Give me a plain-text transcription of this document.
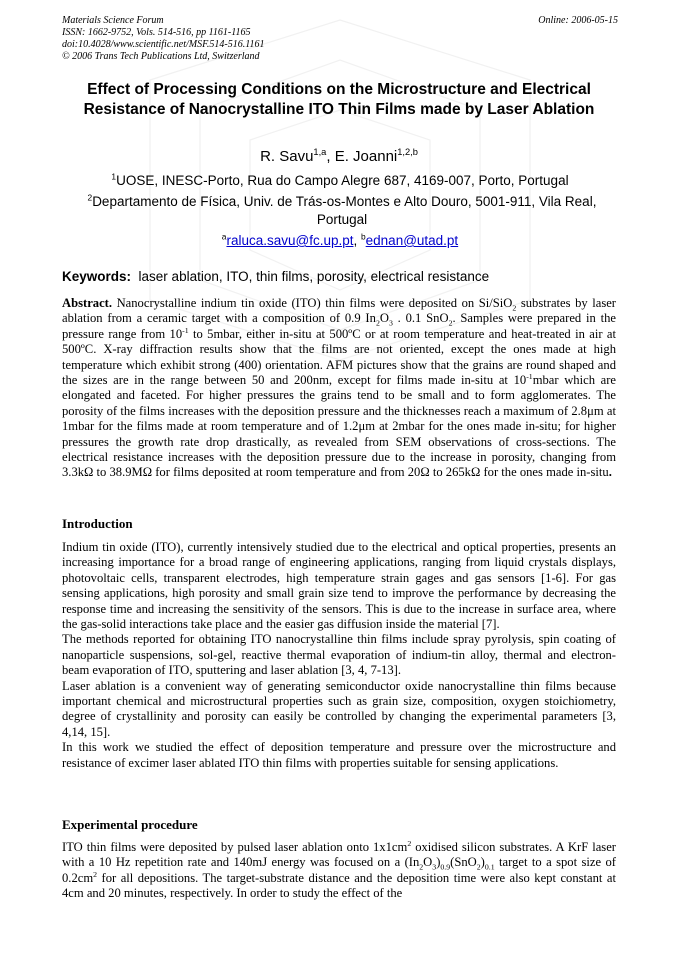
Materials Science Forum
ISSN: 1662-9752, Vols. 514-516, pp 1161-1165
doi:10.4028/www.scientific.net/MSF.514-516.1161
© 2006 Trans Tech Publications Ltd, Switzerland
Online: 2006-05-15
Effect of Processing Conditions on the Microstructure and Electrical
Resistance of Nanocrystalline ITO Thin Films made by Laser Ablation
R. Savu$^{1,a}$, E. Joanni$^{1,2,b}$
$^1$UOSE, INESC-Porto, Rua do Campo Alegre 687, 4169-007, Porto, Portugal
$^2$Departamento de Física, Univ. de Trás-os-Montes e Alto Douro, 5001-911, Vila Real, Portugal
$^a$raluca.savu@fc.up.pt, $^b$ednan@utad.pt
Keywords: laser ablation, ITO, thin films, porosity, electrical resistance

Abstract. Nanocrystalline indium tin oxide (ITO) thin films were deposited on Si/SiO$_2$ substrates by laser ablation from a ceramic target with a composition of 0.9 $In_2O_3$ . 0.1 SnO$_2$. Samples were prepared in the pressure range from $10^{-1}$ to 5mbar, either in-situ at 500ºC or at room temperature and heat-treated in air at 500ºC. X-ray diffraction results show that the films are not oriented, except the ones made at high temperature which exhibit strong (400) orientation. AFM pictures show that the grains are round shaped and the sizes are in the range between 50 and 200nm, except for films made in-situ at $10^{-1}mbar$ which are elongated and faceted. For higher pressures the grains tend to be small and to form agglomerates. The porosity of the films increases with the deposition pressure and the thicknesses reach a maximum of 2.8μm at 1mbar for the films made at room temperature and of 1.2μm at 2mbar for the ones made in-situ; for higher pressures the growth rate drop drastically, as revealed from SEM observations of cross-sections. The electrical resistance increases with the deposition pressure due to the increase in porosity, changing from 3.3kΩ to 38.9MΩ for films deposited at room temperature and from 20Ω to 265kΩ for the ones made in-situ.

Introduction

Indium tin oxide (ITO), currently intensively studied due to the electrical and optical properties, presents an increasing importance for a broad range of engineering applications, ranging from liquid crystals displays, photovoltaic cells, transparent electrodes, high temperature strain gages and gas sensors [1-6]. For gas sensing applications, high porosity and small grain size tend to improve the performance by decreasing the response time and increasing the sensitivity of the sensors. This is due to the increase in surface area, where the gas-solid interactions take place and the easier gas diffusion inside the material [7].

The methods reported for obtaining ITO nanocrystalline thin films include spray pyrolysis, spin coating of nanoparticle suspensions, sol-gel, reactive thermal evaporation of indium-tin alloy, thermal and electron-beam evaporation of ITO, sputtering and laser ablation [3, 4, 7-13].

Laser ablation is a convenient way of generating semiconductor oxide nanocrystalline thin films because important chemical and microstructural properties such as grain size, composition, oxygen stoichiometry, degree of crystallinity and porosity can easily be controlled by changing the experimental parameters [3, 4,14, 15].

In this work we studied the effect of deposition temperature and pressure over the microstructure and resistance of excimer laser ablated ITO thin films with properties suitable for sensing applications.

Experimental procedure

ITO thin films were deposited by pulsed laser ablation onto $1x1cm^2$ oxidised silicon substrates. A KrF laser with a 10 Hz repetition rate and 140mJ energy was focused on a $(In_2O_3)_{0.9}(SnO_2)_{0.1}$ target to a spot size of $0.2cm^2$ for all depositions. The target-substrate distance and the deposition time were also kept constant at 4cm and 20 minutes, respectively. In order to study the effect of the
